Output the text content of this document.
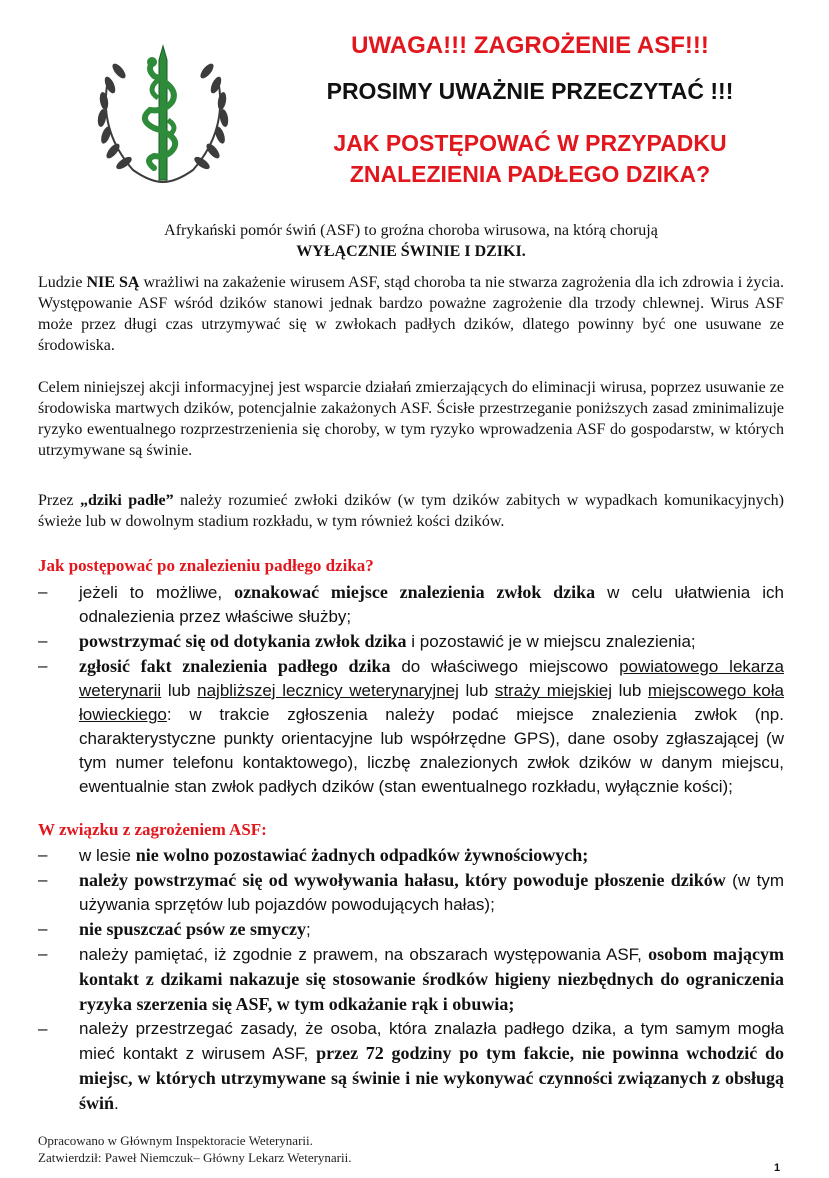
UWAGA!!! ZAGROŻENIE ASF!!!
PROSIMY UWAŻNIE PRZECZYTAĆ !!!
JAK POSTĘPOWAĆ W PRZYPADKU
ZNALEZIENIA PADŁEGO DZIKA?

Afrykański pomór świń (ASF) to groźna choroba wirusowa, na którą chorują
WYŁĄCZNIE ŚWINIE I DZIKI.

Ludzie NIE SĄ wrażliwi na zakażenie wirusem ASF, stąd choroba ta nie stwarza zagrożenia dla ich zdrowia i życia. Występowanie ASF wśród dzików stanowi jednak bardzo poważne zagrożenie dla trzody chlewnej. Wirus ASF może przez długi czas utrzymywać się w zwłokach padłych dzików, dlatego powinny być one usuwane ze środowiska.

Celem niniejszej akcji informacyjnej jest wsparcie działań zmierzających do eliminacji wirusa, poprzez usuwanie ze środowiska martwych dzików, potencjalnie zakażonych ASF. Ścisłe przestrzeganie poniższych zasad zminimalizuje ryzyko ewentualnego rozprzestrzenienia się choroby, w tym ryzyko wprowadzenia ASF do gospodarstw, w których utrzymywane są świnie.

Przez „dziki padłe” należy rozumieć zwłoki dzików (w tym dzików zabitych w wypadkach komunikacyjnych) świeże lub w dowolnym stadium rozkładu, w tym również kości dzików.

Jak postępować po znalezieniu padłego dzika?

– jeżeli to możliwe, oznakować miejsce znalezienia zwłok dzika w celu ułatwienia ich odnalezienia przez właściwe służby;
– powstrzymać się od dotykania zwłok dzika i pozostawić je w miejscu znalezienia;
– zgłosić fakt znalezienia padłego dzika do właściwego miejscowo powiatowego lekarza weterynarii lub najbliższej lecznicy weterynaryjnej lub straży miejskiej lub miejscowego koła łowieckiego: w trakcie zgłoszenia należy podać miejsce znalezienia zwłok (np. charakterystyczne punkty orientacyjne lub współrzędne GPS), dane osoby zgłaszającej (w tym numer telefonu kontaktowego), liczbę znalezionych zwłok dzików w danym miejscu, ewentualnie stan zwłok padłych dzików (stan ewentualnego rozkładu, wyłącznie kości);

W związku z zagrożeniem ASF:

– w lesie nie wolno pozostawiać żadnych odpadków żywnościowych;
– należy powstrzymać się od wywoływania hałasu, który powoduje płoszenie dzików (w tym używania sprzętów lub pojazdów powodujących hałas);
– nie spuszczać psów ze smyczy;
– należy pamiętać, iż zgodnie z prawem, na obszarach występowania ASF, osobom mającym kontakt z dzikami nakazuje się stosowanie środków higieny niezbędnych do ograniczenia ryzyka szerzenia się ASF, w tym odkażanie rąk i obuwia;
– należy przestrzegać zasady, że osoba, która znalazła padłego dzika, a tym samym mogła mieć kontakt z wirusem ASF, przez 72 godziny po tym fakcie, nie powinna wchodzić do miejsc, w których utrzymywane są świnie i nie wykonywać czynności związanych z obsługą świń.

Opracowano w Głównym Inspektoracie Weterynarii.

Zatwierdził: Paweł Niemczuk– Główny Lekarz Weterynarii.

1
